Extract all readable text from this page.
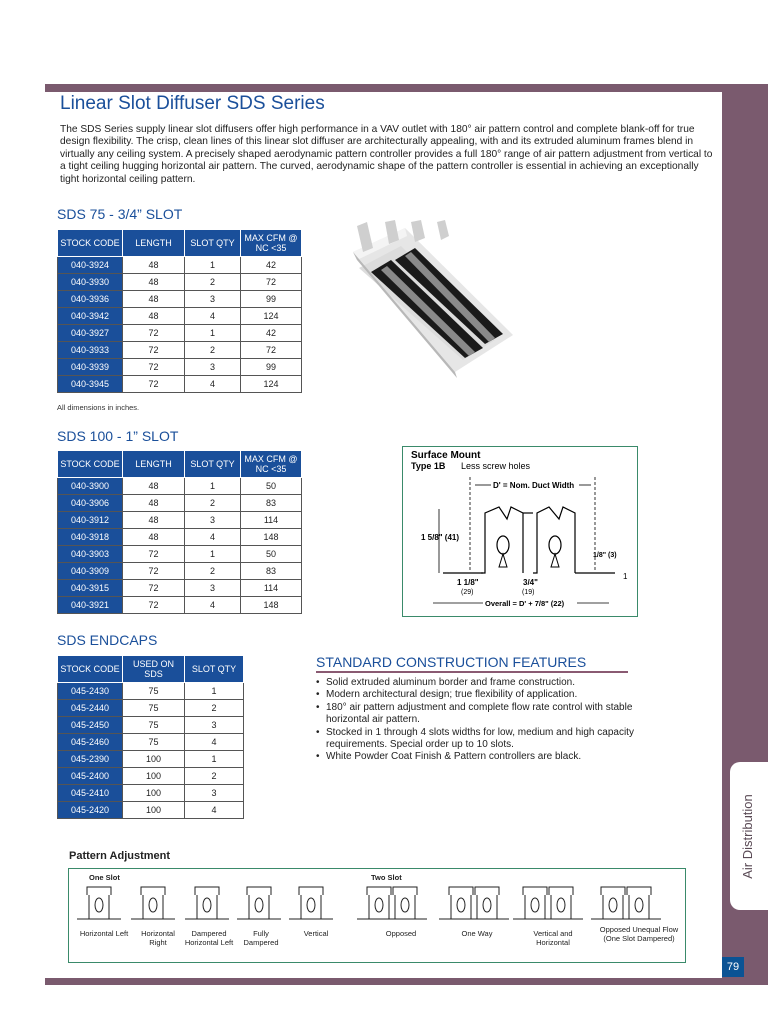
Air Distribution
79
Linear Slot Diffuser SDS Series

The SDS Series supply linear slot diffusers offer high performance in a VAV outlet with 180° air pattern control and complete blank-off for true design flexibility. The crisp, clean lines of this linear slot diffuser are architecturally appealing, with and its extruded aluminum frames blend in virtually any ceiling system. A precisely shaped aerodynamic pattern controller provides a full 180° range of air pattern adjustment from vertical to a tight ceiling hugging horizontal air pattern. The curved, aerodynamic shape of the pattern controller is essential in achieving an exceptionally tight horizontal ceiling pattern.

SDS 75 - 3/4” SLOT
STOCK CODE	LENGTH	SLOT QTY	MAX CFM @ NC <35
040-3924	48	1	42
040-3930	48	2	72
040-3936	48	3	99
040-3942	48	4	124
040-3927	72	1	42
040-3933	72	2	72
040-3939	72	3	99
040-3945	72	4	124
All dimensions in inches.
SDS 100 - 1” SLOT
STOCK CODE	LENGTH	SLOT QTY	MAX CFM @ NC <35
040-3900	48	1	50
040-3906	48	2	83
040-3912	48	3	114
040-3918	48	4	148
040-3903	72	1	50
040-3909	72	2	83
040-3915	72	3	114
040-3921	72	4	148
SDS ENDCAPS
STOCK CODE	USED ON SDS	SLOT QTY
045-2430	75	1
045-2440	75	2
045-2450	75	3
045-2460	75	4
045-2390	100	1
045-2400	100	2
045-2410	100	3
045-2420	100	4
Surface Mount
Type 1B Less screw holes
D' = Nom. Duct Width
1 5/8" (41)
1/8" (3)
1
1 1/8"
(29)
3/4"
(19)
Overall = D' + 7/8" (22)
STANDARD CONSTRUCTION FEATURES
• Solid extruded aluminum border and frame construction.
• Modern architectural design; true flexibility of application.
• 180° air pattern adjustment and complete flow rate control with stable horizontal air pattern.
• Stocked in 1 through 4 slots widths for low, medium and high capacity requirements. Special order up to 10 slots.
• White Powder Coat Finish & Pattern controllers are black.
Pattern Adjustment
One Slot	Two Slot
Horizontal Left	Horizontal Right
Dampered Horizontal Left
Fully Dampered
Vertical	Opposed	One Way	Vertical and Horizontal
Opposed Unequal Flow (One Slot Dampered)
